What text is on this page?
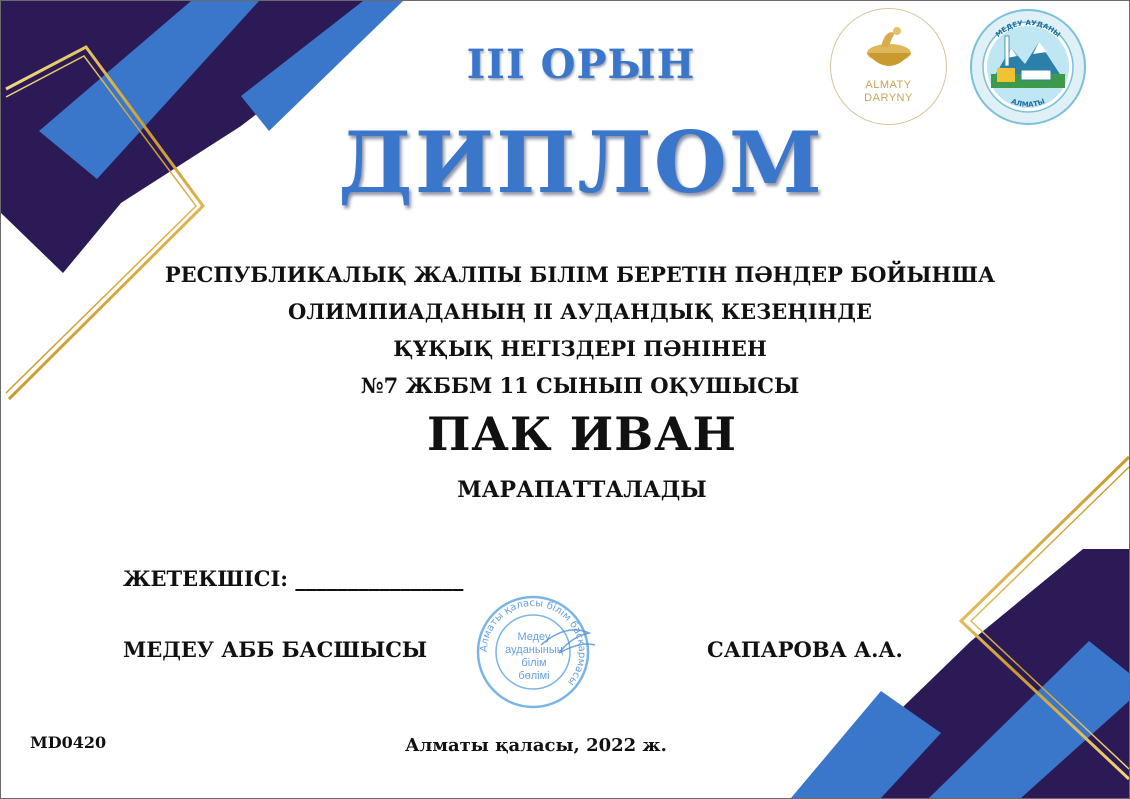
ALMATY
DARYNY
МЕДЕУ АУДАНЫ
АЛМАТЫ
III ОРЫН
ДИПЛОМ
РЕСПУБЛИКАЛЫҚ ЖАЛПЫ БІЛІМ БЕРЕТІН ПӘНДЕР БОЙЫНША
ОЛИМПИАДАНЫҢ ІІ АУДАНДЫҚ КЕЗЕҢІНДЕ
ҚҰҚЫҚ НЕГІЗДЕРІ ПӘНІНЕН
№7 ЖББМ 11 СЫНЫП ОҚУШЫСЫ
ПАК ИВАН
МАРАПАТТАЛАДЫ
ЖЕТЕКШІСІ: ________________
МЕДЕУ АББ БАСШЫСЫ	САПАРОВА А.А.
Алматы қаласы білім басқармасы
Медеу
ауданының
білім
бөлімі
MD0420	Алматы қаласы, 2022 ж.
